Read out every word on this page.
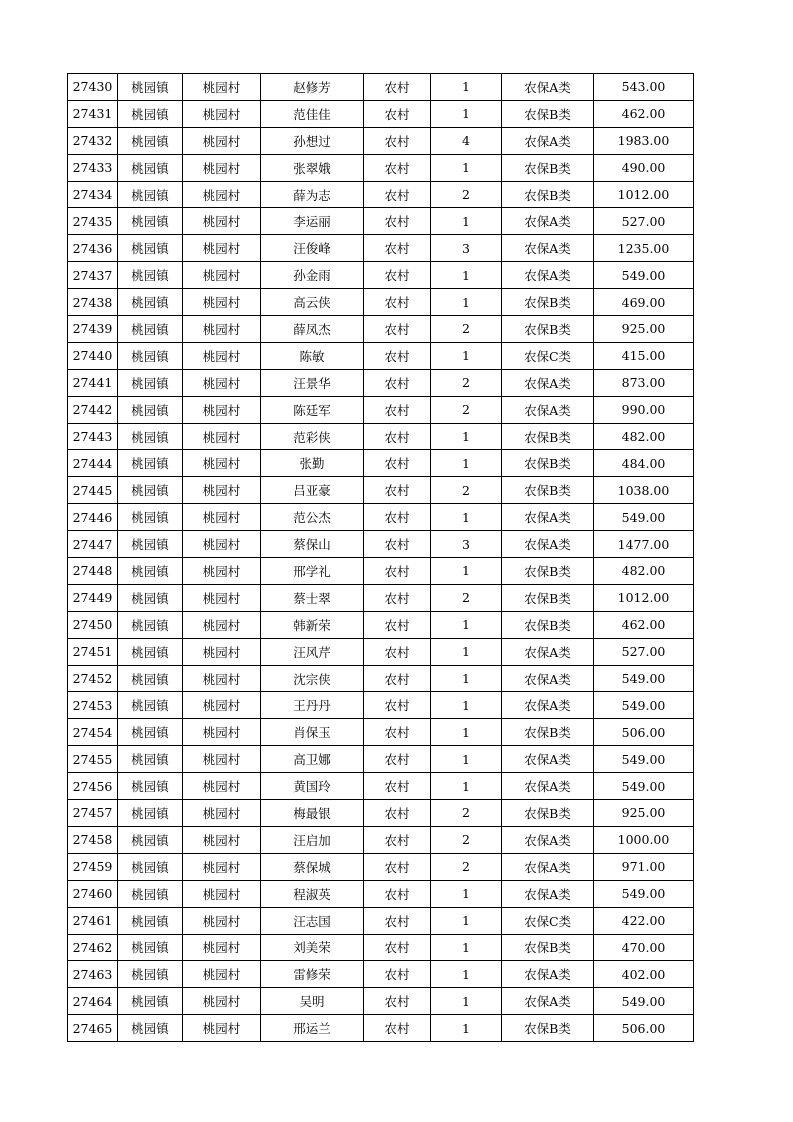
27430	桃园镇	桃园村	赵修芳	农村	1	农保A类	543.00
27431	桃园镇	桃园村	范佳佳	农村	1	农保B类	462.00
27432	桃园镇	桃园村	孙想过	农村	4	农保A类	1983.00
27433	桃园镇	桃园村	张翠娥	农村	1	农保B类	490.00
27434	桃园镇	桃园村	薛为志	农村	2	农保B类	1012.00
27435	桃园镇	桃园村	李运丽	农村	1	农保A类	527.00
27436	桃园镇	桃园村	汪俊峰	农村	3	农保A类	1235.00
27437	桃园镇	桃园村	孙金雨	农村	1	农保A类	549.00
27438	桃园镇	桃园村	高云侠	农村	1	农保B类	469.00
27439	桃园镇	桃园村	薛凤杰	农村	2	农保B类	925.00
27440	桃园镇	桃园村	陈敏	农村	1	农保C类	415.00
27441	桃园镇	桃园村	汪景华	农村	2	农保A类	873.00
27442	桃园镇	桃园村	陈廷军	农村	2	农保A类	990.00
27443	桃园镇	桃园村	范彩侠	农村	1	农保B类	482.00
27444	桃园镇	桃园村	张勤	农村	1	农保B类	484.00
27445	桃园镇	桃园村	吕亚豪	农村	2	农保B类	1038.00
27446	桃园镇	桃园村	范公杰	农村	1	农保A类	549.00
27447	桃园镇	桃园村	蔡保山	农村	3	农保A类	1477.00
27448	桃园镇	桃园村	邢学礼	农村	1	农保B类	482.00
27449	桃园镇	桃园村	蔡士翠	农村	2	农保B类	1012.00
27450	桃园镇	桃园村	韩新荣	农村	1	农保B类	462.00
27451	桃园镇	桃园村	汪风芹	农村	1	农保A类	527.00
27452	桃园镇	桃园村	沈宗侠	农村	1	农保A类	549.00
27453	桃园镇	桃园村	王丹丹	农村	1	农保A类	549.00
27454	桃园镇	桃园村	肖保玉	农村	1	农保B类	506.00
27455	桃园镇	桃园村	高卫娜	农村	1	农保A类	549.00
27456	桃园镇	桃园村	黄国玲	农村	1	农保A类	549.00
27457	桃园镇	桃园村	梅最银	农村	2	农保B类	925.00
27458	桃园镇	桃园村	汪启加	农村	2	农保A类	1000.00
27459	桃园镇	桃园村	蔡保城	农村	2	农保A类	971.00
27460	桃园镇	桃园村	程淑英	农村	1	农保A类	549.00
27461	桃园镇	桃园村	汪志国	农村	1	农保C类	422.00
27462	桃园镇	桃园村	刘美荣	农村	1	农保B类	470.00
27463	桃园镇	桃园村	雷修荣	农村	1	农保A类	402.00
27464	桃园镇	桃园村	吴明	农村	1	农保A类	549.00
27465	桃园镇	桃园村	邢运兰	农村	1	农保B类	506.00
